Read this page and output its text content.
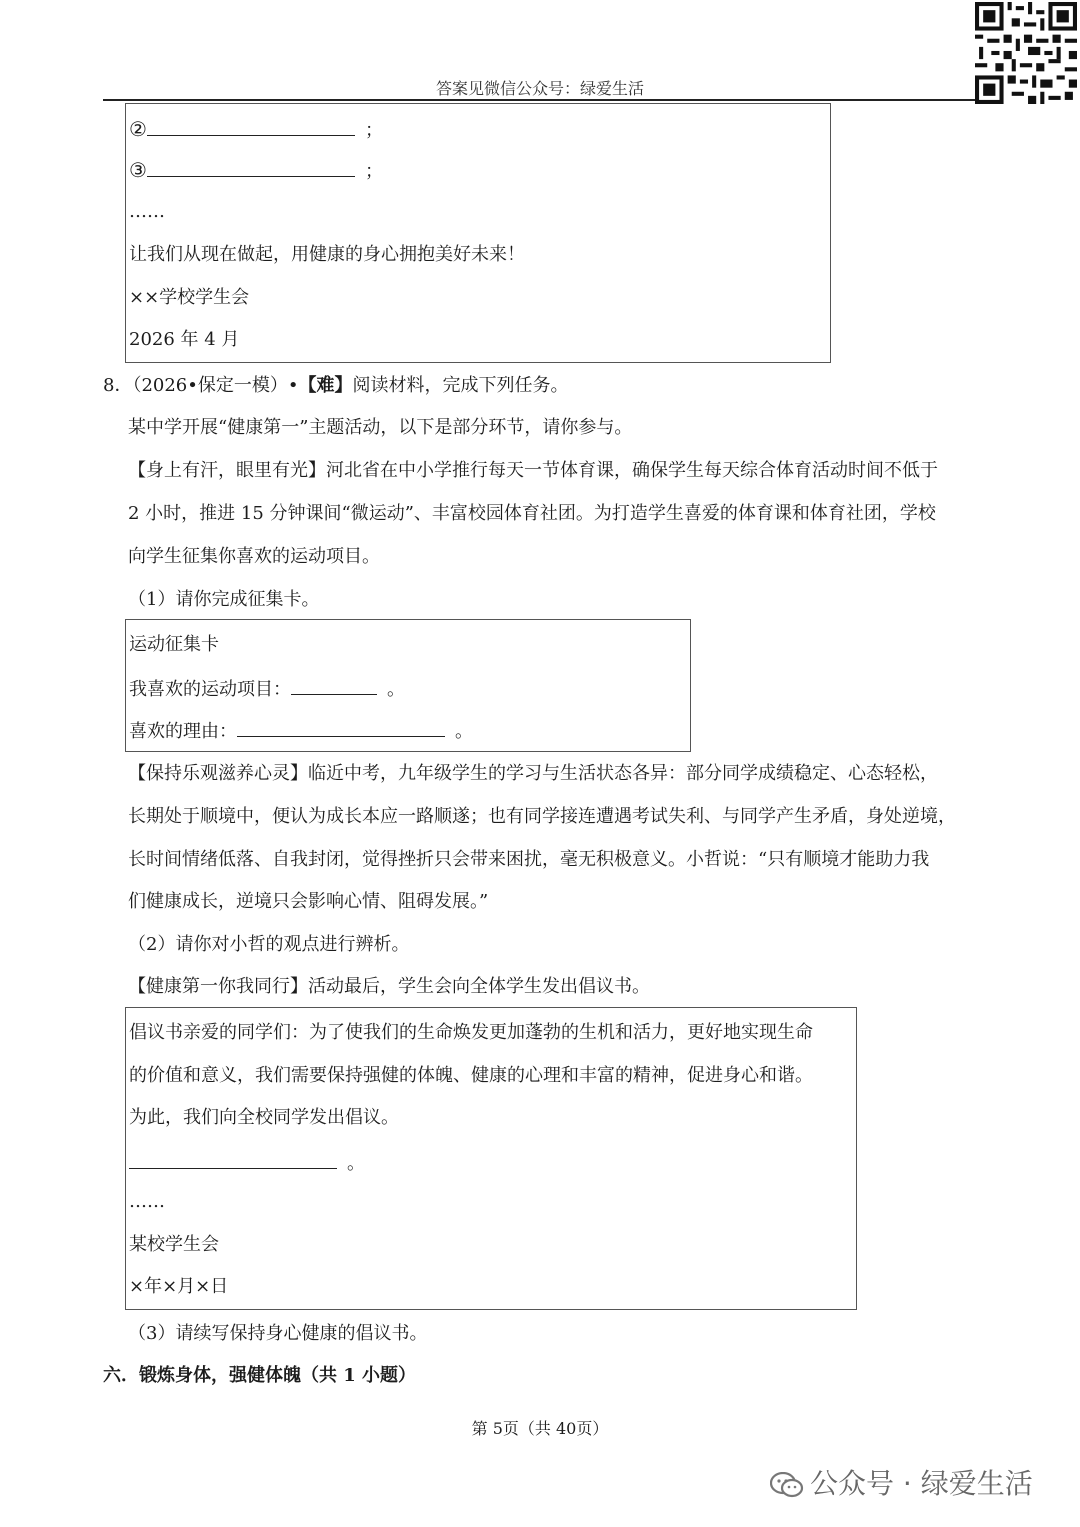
答案见微信公众号：绿爱生活
②	；
③	；
……
让我们从现在做起，用健康的身心拥抱美好未来！
××学校学生会
2026 年 4 月
8．（2026•保定一模）•【难】阅读材料，完成下列任务。
某中学开展“健康第一”主题活动，以下是部分环节，请你参与。
【身上有汗，眼里有光】河北省在中小学推行每天一节体育课，确保学生每天综合体育活动时间不低于
2 小时，推进 15 分钟课间“微运动”、丰富校园体育社团。为打造学生喜爱的体育课和体育社团，学校
向学生征集你喜欢的运动项目。
（1）请你完成征集卡。
运动征集卡
我喜欢的运动项目：	。
喜欢的理由：	。
【保持乐观滋养心灵】临近中考，九年级学生的学习与生活状态各异：部分同学成绩稳定、心态轻松，
长期处于顺境中，便认为成长本应一路顺遂；也有同学接连遭遇考试失利、与同学产生矛盾，身处逆境，
长时间情绪低落、自我封闭，觉得挫折只会带来困扰，毫无积极意义。小哲说：“只有顺境才能助力我
们健康成长，逆境只会影响心情、阻碍发展。”
（2）请你对小哲的观点进行辨析。
【健康第一你我同行】活动最后，学生会向全体学生发出倡议书。
倡议书亲爱的同学们：为了使我们的生命焕发更加蓬勃的生机和活力，更好地实现生命
的价值和意义，我们需要保持强健的体魄、健康的心理和丰富的精神，促进身心和谐。
为此，我们向全校同学发出倡议。
。
……
某校学生会
×年×月×日
（3）请续写保持身心健康的倡议书。
六．锻炼身体，强健体魄（共 1 小题）
第 5页（共 40页）
公众号 · 绿爱生活
